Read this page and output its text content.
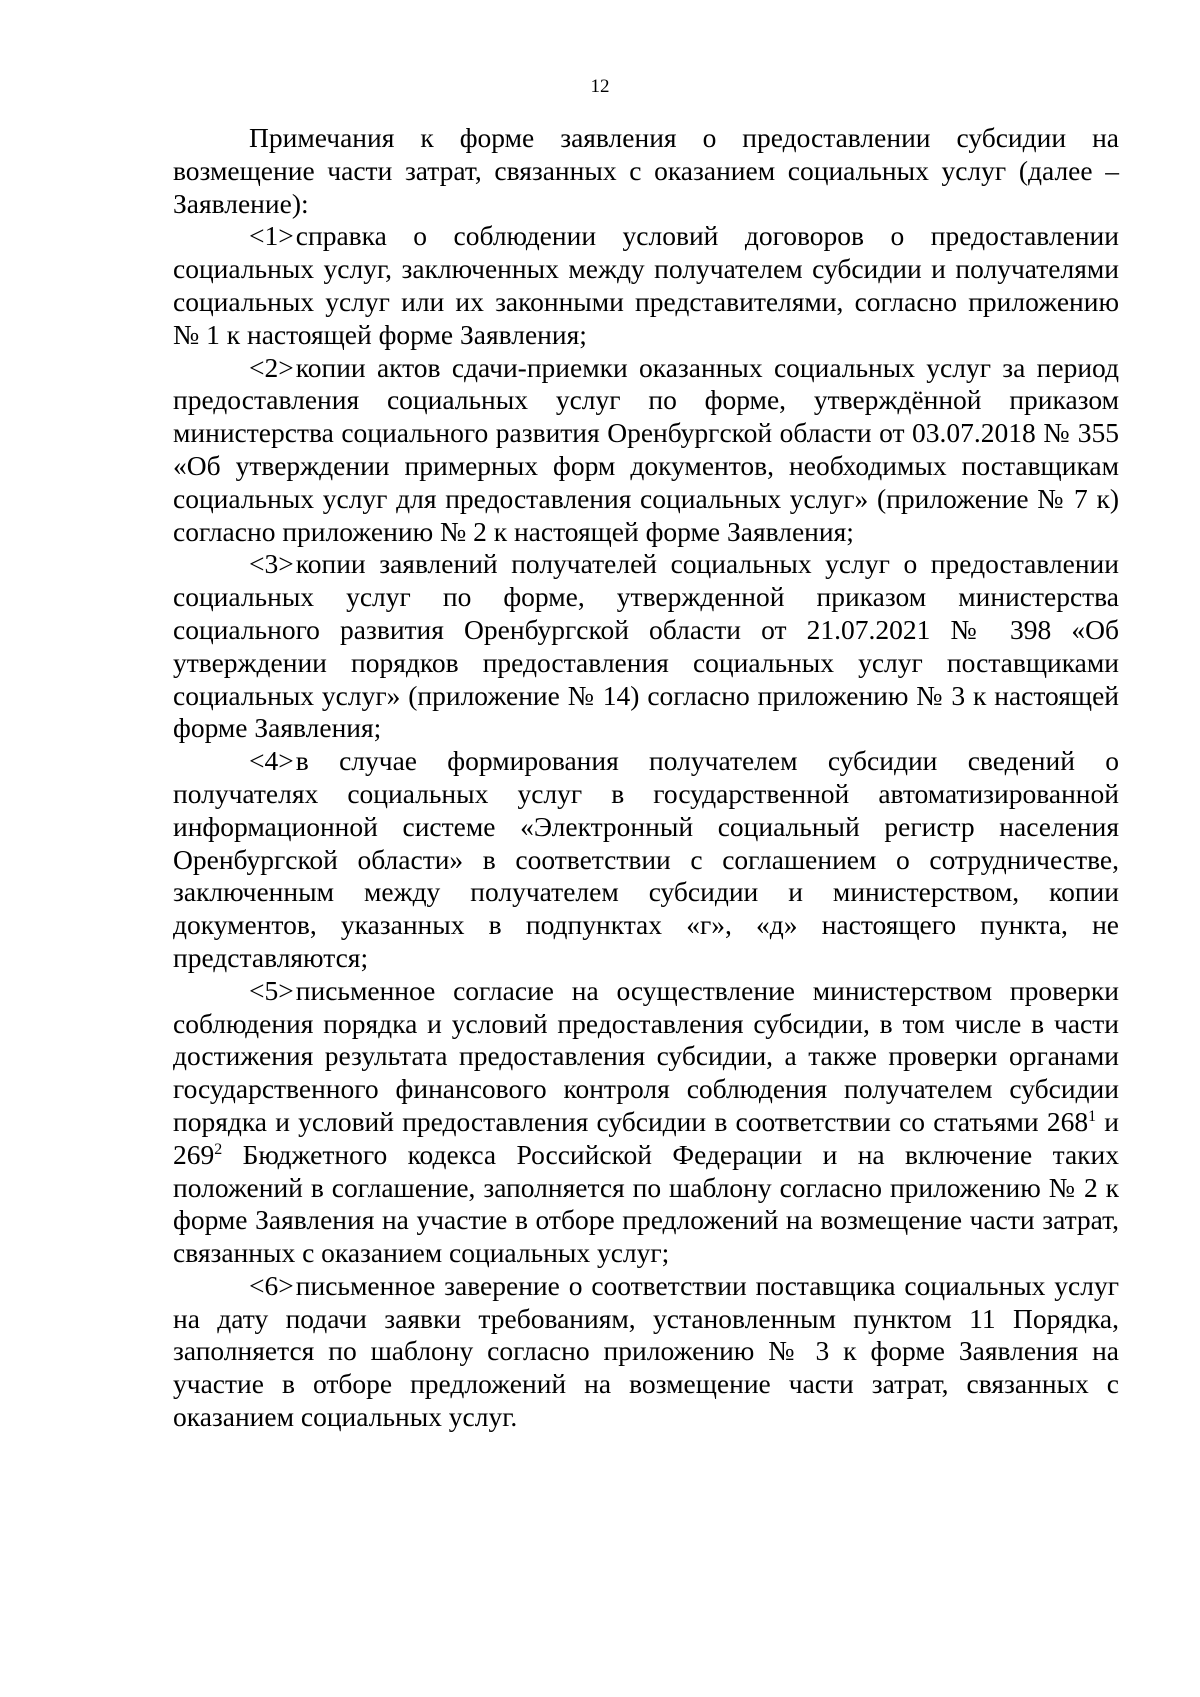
12

Примечания к форме заявления о предоставлении субсидии на возмещение части затрат, связанных с оказанием социальных услуг (далее – Заявление):

<1>справка о соблюдении условий договоров о предоставлении социальных услуг, заключенных между получателем субсидии и получателями социальных услуг или их законными представителями, согласно приложению № 1 к настоящей форме Заявления;

<2>копии актов сдачи-приемки оказанных социальных услуг за период предоставления социальных услуг по форме, утверждённой приказом министерства социального развития Оренбургской области от 03.07.2018 № 355 «Об утверждении примерных форм документов, необходимых поставщикам социальных услуг для предоставления социальных услуг» (приложение № 7 к) согласно приложению № 2 к настоящей форме Заявления;

<3>копии заявлений получателей социальных услуг о предоставлении социальных услуг по форме, утвержденной приказом министерства социального развития Оренбургской области от 21.07.2021 № 398 «Об утверждении порядков предоставления социальных услуг поставщиками социальных услуг» (приложение № 14) согласно приложению № 3 к настоящей форме Заявления;

<4>в случае формирования получателем субсидии сведений о получателях социальных услуг в государственной автоматизированной информационной системе «Электронный социальный регистр населения Оренбургской области» в соответствии с соглашением о сотрудничестве, заключенным между получателем субсидии и министерством, копии документов, указанных в подпунктах «г», «д» настоящего пункта, не представляются;

<5>письменное согласие на осуществление министерством проверки соблюдения порядка и условий предоставления субсидии, в том числе в части достижения результата предоставления субсидии, а также проверки органами государственного финансового контроля соблюдения получателем субсидии порядка и условий предоставления субсидии в соответствии со статьями $268^1$ и $269^2$ Бюджетного кодекса Российской Федерации и на включение таких положений в соглашение, заполняется по шаблону согласно приложению № 2 к форме Заявления на участие в отборе предложений на возмещение части затрат, связанных с оказанием социальных услуг;

<6>письменное заверение о соответствии поставщика социальных услуг на дату подачи заявки требованиям, установленным пунктом 11 Порядка, заполняется по шаблону согласно приложению № 3 к форме Заявления на участие в отборе предложений на возмещение части затрат, связанных с оказанием социальных услуг.
